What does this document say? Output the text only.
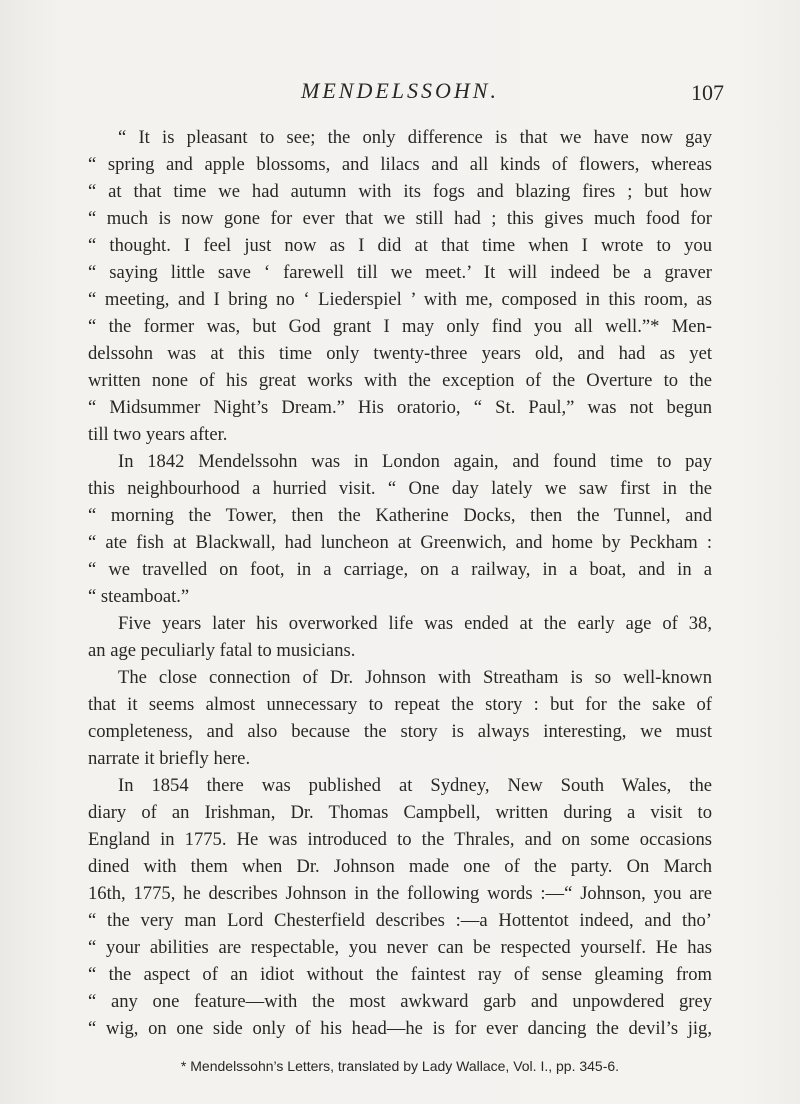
MENDELSSOHN.	107
“ It is pleasant to see; the only difference is that we have now gay
“ spring and apple blossoms, and lilacs and all kinds of flowers, whereas
“ at that time we had autumn with its fogs and blazing fires ; but how
“ much is now gone for ever that we still had ; this gives much food for
“ thought. I feel just now as I did at that time when I wrote to you
“ saying little save ‘ farewell till we meet.’ It will indeed be a graver
“ meeting, and I bring no ‘ Liederspiel ’ with me, composed in this room, as
“ the former was, but God grant I may only find you all well.”* Men-
delssohn was at this time only twenty-three years old, and had as yet
written none of his great works with the exception of the Overture to the
“ Midsummer Night’s Dream.” His oratorio, “ St. Paul,” was not begun
till two years after.
In 1842 Mendelssohn was in London again, and found time to pay
this neighbourhood a hurried visit. “ One day lately we saw first in the
“ morning the Tower, then the Katherine Docks, then the Tunnel, and
“ ate fish at Blackwall, had luncheon at Greenwich, and home by Peckham :
“ we travelled on foot, in a carriage, on a railway, in a boat, and in a
“ steamboat.”
Five years later his overworked life was ended at the early age of 38,
an age peculiarly fatal to musicians.
The close connection of Dr. Johnson with Streatham is so well-known
that it seems almost unnecessary to repeat the story : but for the sake of
completeness, and also because the story is always interesting, we must
narrate it briefly here.
In 1854 there was published at Sydney, New South Wales, the
diary of an Irishman, Dr. Thomas Campbell, written during a visit to
England in 1775. He was introduced to the Thrales, and on some occasions
dined with them when Dr. Johnson made one of the party. On March
16th, 1775, he describes Johnson in the following words :—“ Johnson, you are
“ the very man Lord Chesterfield describes :—a Hottentot indeed, and tho’
“ your abilities are respectable, you never can be respected yourself. He has
“ the aspect of an idiot without the faintest ray of sense gleaming from
“ any one feature—with the most awkward garb and unpowdered grey
“ wig, on one side only of his head—he is for ever dancing the devil’s jig,
* Mendelssohn’s Letters, translated by Lady Wallace, Vol. I., pp. 345-6.
